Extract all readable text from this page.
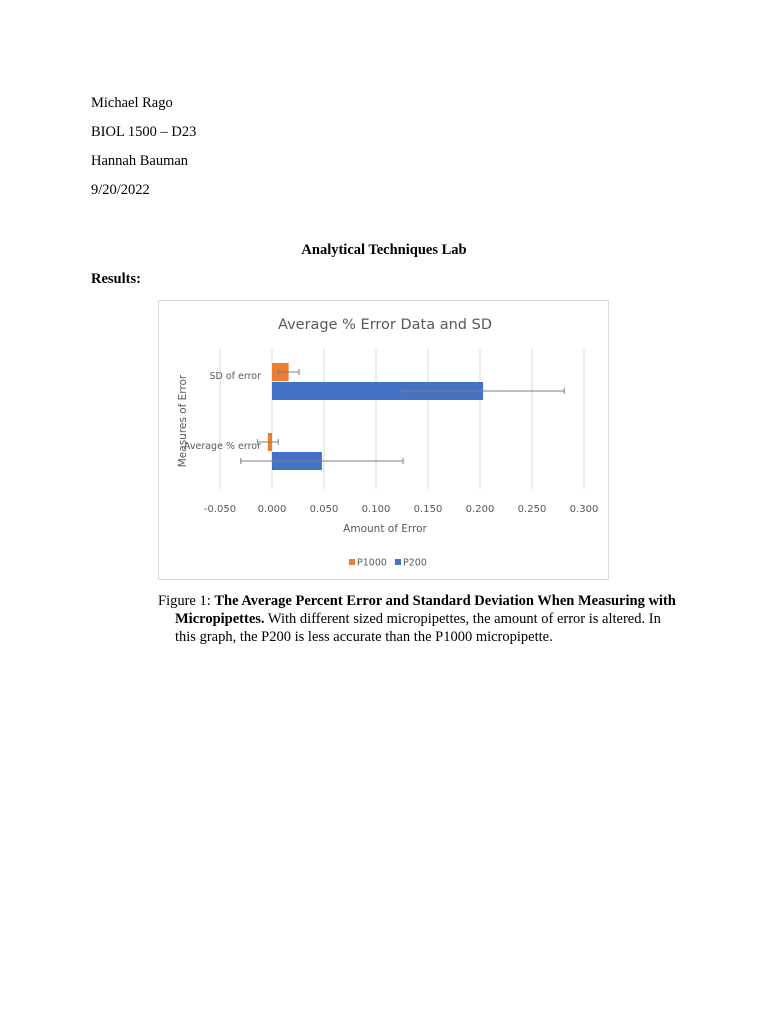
Michael Rago
BIOL 1500 – D23
Hannah Bauman
9/20/2022
Analytical Techniques Lab
Results:
Average % Error Data and SD
-0.050 0.000 0.050 0.100 0.150 0.200 0.250 0.300
Average % error
SD of error
Amount of Error
Measures of Error
P1000 P200
Figure 1: The Average Percent Error and Standard Deviation When Measuring with Micropipettes. With different sized micropipettes, the amount of error is altered. In this graph, the P200 is less accurate than the P1000 micropipette.
